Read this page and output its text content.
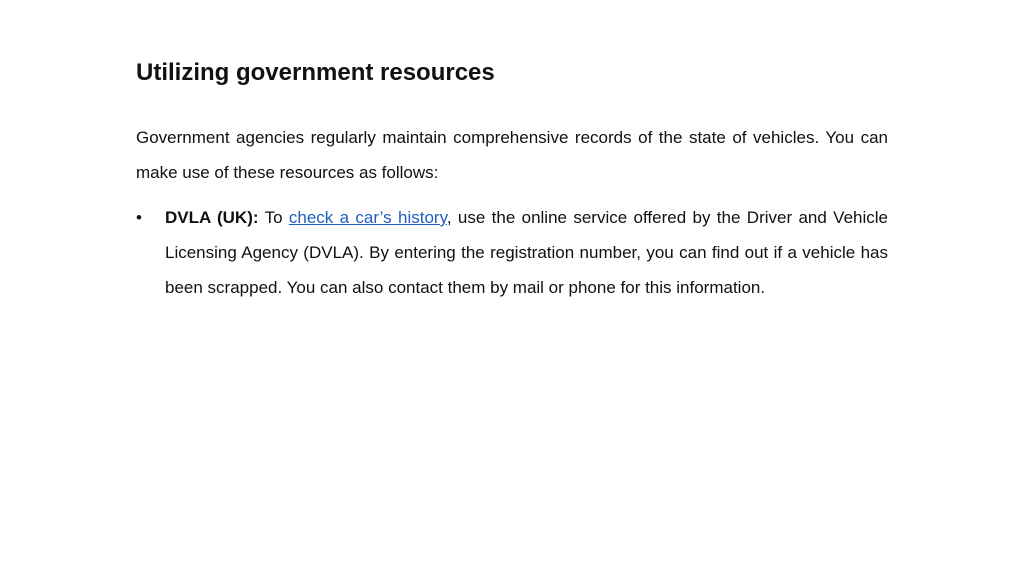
Utilizing government resources

Government agencies regularly maintain comprehensive records of the state of vehicles. You can make use of these resources as follows:

• DVLA (UK): To check a car’s history, use the online service offered by the Driver and Vehicle Licensing Agency (DVLA). By entering the registration number, you can find out if a vehicle has been scrapped. You can also contact them by mail or phone for this information.
